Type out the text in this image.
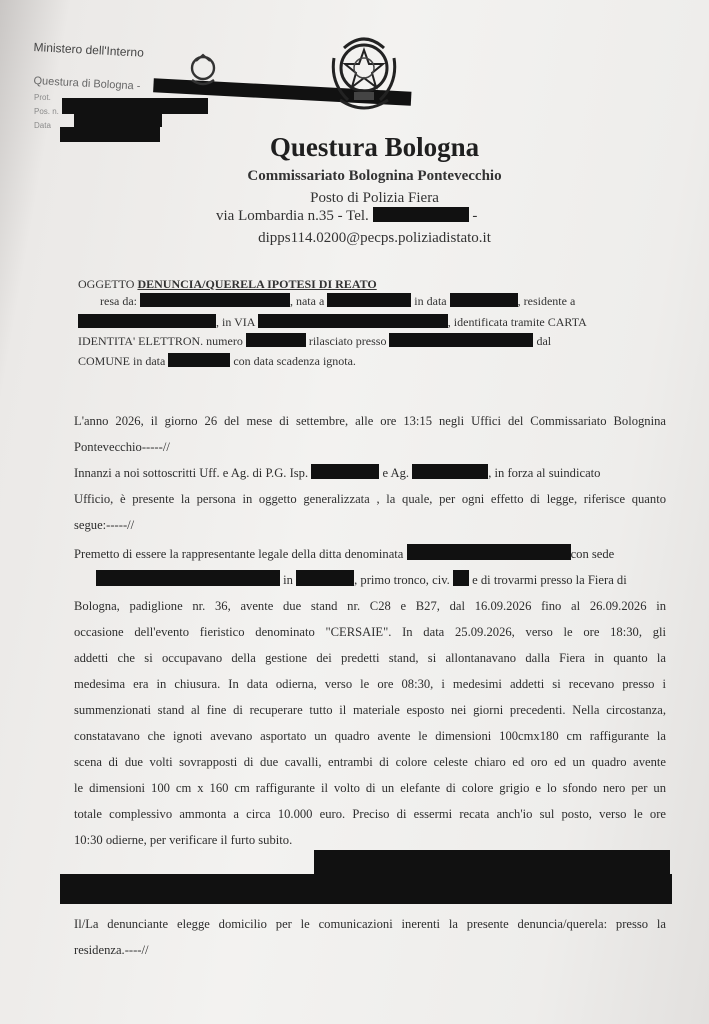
Ministero dell'Interno
Questura di Bologna -
Prot.
Pos. n.
Data
Questura Bologna
Commissariato Bolognina Pontevecchio
Posto di Polizia Fiera
via Lombardia n.35 - Tel.	-
dipps114.0200@pecps.poliziadistato.it
OGGETTO DENUNCIA/QUERELA IPOTESI DI REATO
resa da:	, nata a	in data	, residente a
, in VIA	, identificata tramite CARTA
IDENTITA' ELETTRON. numero	rilasciato presso	dal
COMUNE in data	con data scadenza ignota.
L'anno 2026, il giorno 26 del mese di settembre, alle ore 13:15 negli Uffici del Commissariato Bolognina
Pontevecchio-----//
Innanzi a noi sottoscritti Uff. e Ag. di P.G. Isp.	e Ag.	, in forza al suindicato
Ufficio, è presente la persona in oggetto generalizzata , la quale, per ogni effetto di legge, riferisce quanto
segue:-----//
Premetto di essere la rappresentante legale della ditta denominata	con sede
in	, primo tronco, civ. e di trovarmi presso la Fiera di
Bologna, padiglione nr. 36, avente due stand nr. C28 e B27, dal 16.09.2026 fino al 26.09.2026 in
occasione dell'evento fieristico denominato "CERSAIE". In data 25.09.2026, verso le ore 18:30, gli
addetti che si occupavano della gestione dei predetti stand, si allontanavano dalla Fiera in quanto la
medesima era in chiusura. In data odierna, verso le ore 08:30, i medesimi addetti si recevano presso i
summenzionati stand al fine di recuperare tutto il materiale esposto nei giorni precedenti. Nella circostanza,
constatavano che ignoti avevano asportato un quadro avente le dimensioni 100cmx180 cm raffigurante la
scena di due volti sovrapposti di due cavalli, entrambi di colore celeste chiaro ed oro ed un quadro avente
le dimensioni 100 cm x 160 cm raffigurante il volto di un elefante di colore grigio e lo sfondo nero per un
totale complessivo ammonta a circa 10.000 euro. Preciso di essermi recata anch'io sul posto, verso le ore
10:30 odierne, per verificare il furto subito.
Il/La denunciante elegge domicilio per le comunicazioni inerenti la presente denuncia/querela: presso la
residenza.----//
